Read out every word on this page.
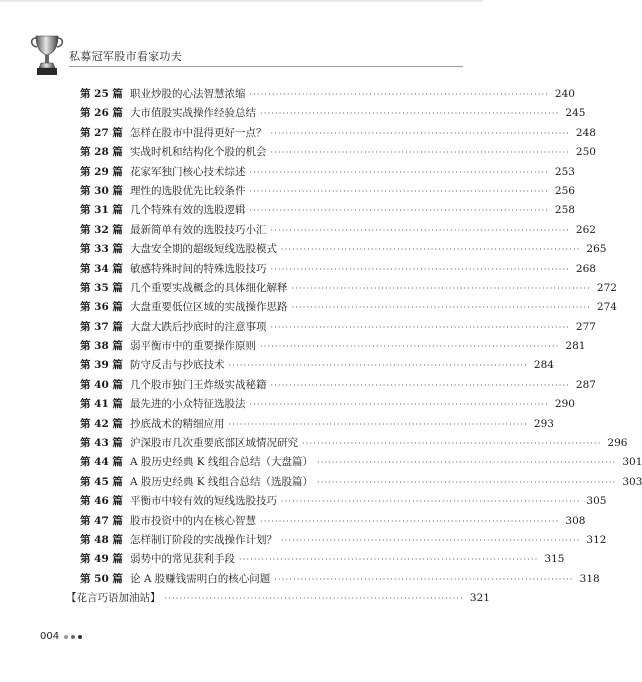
私募冠军股市看家功夫
第 25 篇 职业炒股的心法智慧浓缩 ················································································ 240
第 26 篇 大市值股实战操作经验总结 ················································································ 245
第 27 篇 怎样在股市中混得更好一点？ ················································································ 248
第 28 篇 实战时机和结构化个股的机会 ················································································ 250
第 29 篇 花家军独门核心技术综述 ················································································ 253
第 30 篇 理性的选股优先比较条件 ················································································ 256
第 31 篇 几个特殊有效的选股逻辑 ················································································ 258
第 32 篇 最新简单有效的选股技巧小汇 ················································································ 262
第 33 篇 大盘安全期的超级短线选股模式 ················································································ 265
第 34 篇 敏感特殊时间的特殊选股技巧 ················································································ 268
第 35 篇 几个重要实战概念的具体细化解释 ················································································ 272
第 36 篇 大盘重要低位区域的实战操作思路 ················································································ 274
第 37 篇 大盘大跌后抄底时的注意事项 ················································································ 277
第 38 篇 弱平衡市中的重要操作原则 ················································································ 281
第 39 篇 防守反击与抄底技术 ················································································ 284
第 40 篇 几个股市独门王炸级实战秘籍 ················································································ 287
第 41 篇 最先进的小众特征选股法 ················································································ 290
第 42 篇 抄底战术的精细应用 ················································································ 293
第 43 篇 沪深股市几次重要底部区域情况研究 ················································································ 296
第 44 篇 A 股历史经典 K 线组合总结（大盘篇） ················································································ 301
第 45 篇 A 股历史经典 K 线组合总结（选股篇） ················································································ 303
第 46 篇 平衡市中较有效的短线选股技巧 ················································································ 305
第 47 篇 股市投资中的内在核心智慧 ················································································ 308
第 48 篇 怎样制订阶段的实战操作计划？ ················································································ 312
第 49 篇 弱势中的常见获利手段 ················································································ 315
第 50 篇 论 A 股赚钱需明白的核心问题 ················································································ 318
【花言巧语加油站】 ················································································ 321
004
